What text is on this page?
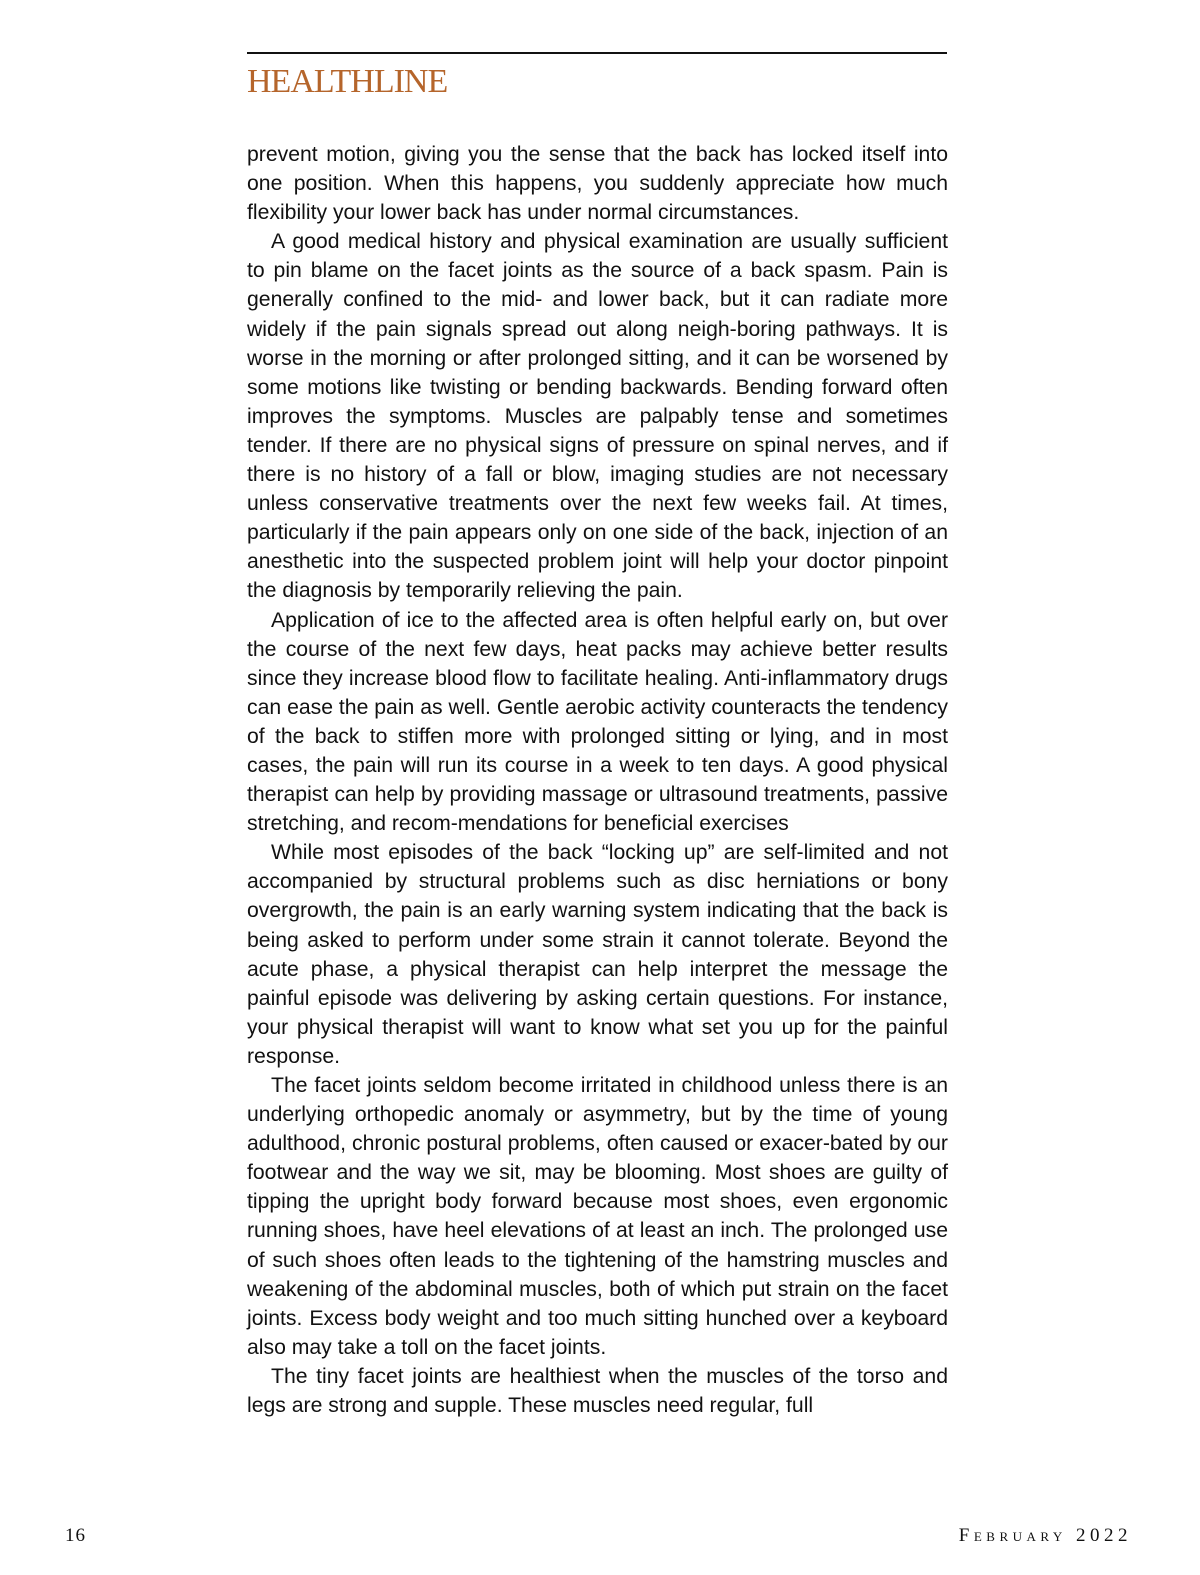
HEALTHLINE

prevent motion, giving you the sense that the back has locked itself into one position. When this happens, you suddenly appreciate how much flexibility your lower back has under normal circumstances.

A good medical history and physical examination are usually sufficient to pin blame on the facet joints as the source of a back spasm. Pain is generally confined to the mid- and lower back, but it can radiate more widely if the pain signals spread out along neigh-boring pathways. It is worse in the morning or after prolonged sitting, and it can be worsened by some motions like twisting or bending backwards. Bending forward often improves the symptoms. Muscles are palpably tense and sometimes tender. If there are no physical signs of pressure on spinal nerves, and if there is no history of a fall or blow, imaging studies are not necessary unless conservative treatments over the next few weeks fail. At times, particularly if the pain appears only on one side of the back, injection of an anesthetic into the suspected problem joint will help your doctor pinpoint the diagnosis by temporarily relieving the pain.

Application of ice to the affected area is often helpful early on, but over the course of the next few days, heat packs may achieve better results since they increase blood flow to facilitate healing. Anti-inflammatory drugs can ease the pain as well. Gentle aerobic activity counteracts the tendency of the back to stiffen more with prolonged sitting or lying, and in most cases, the pain will run its course in a week to ten days. A good physical therapist can help by providing massage or ultrasound treatments, passive stretching, and recom-mendations for beneficial exercises

While most episodes of the back “locking up” are self-limited and not accompanied by structural problems such as disc herniations or bony overgrowth, the pain is an early warning system indicating that the back is being asked to perform under some strain it cannot tolerate. Beyond the acute phase, a physical therapist can help interpret the message the painful episode was delivering by asking certain questions. For instance, your physical therapist will want to know what set you up for the painful response.

The facet joints seldom become irritated in childhood unless there is an underlying orthopedic anomaly or asymmetry, but by the time of young adulthood, chronic postural problems, often caused or exacer-bated by our footwear and the way we sit, may be blooming. Most shoes are guilty of tipping the upright body forward because most shoes, even ergonomic running shoes, have heel elevations of at least an inch. The prolonged use of such shoes often leads to the tightening of the hamstring muscles and weakening of the abdominal muscles, both of which put strain on the facet joints. Excess body weight and too much sitting hunched over a keyboard also may take a toll on the facet joints.

The tiny facet joints are healthiest when the muscles of the torso and legs are strong and supple. These muscles need regular, full

16	February 2022
